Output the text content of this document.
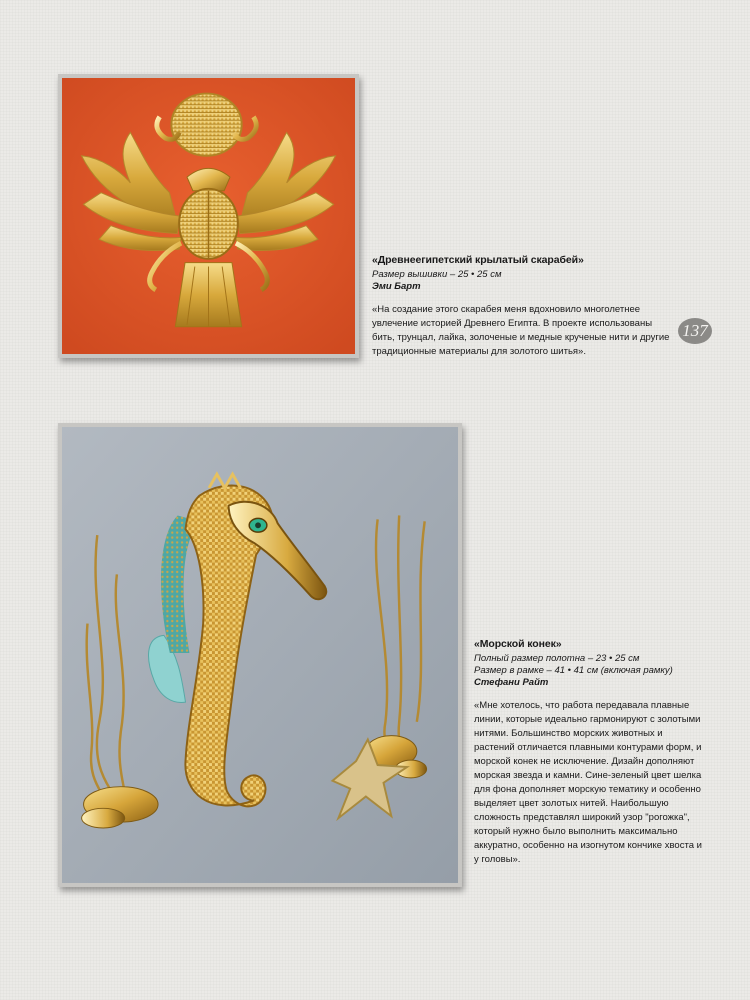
«Древнеегипетский крылатый скарабей»
Размер вышивки – 25 • 25 см
Эми Барт
«На создание этого скарабея меня вдохновило многолетнее увлечение историей Древнего Египта. В проекте использованы бить, трунцал, лайка, золоченые и медные крученые нити и другие традиционные материалы для золотого шитья».
137
«Морской конек»
Полный размер полотна – 23 • 25 см
Размер в рамке – 41 • 41 см (включая рамку)
Стефани Райт
«Мне хотелось, что работа передавала плавные линии, которые идеально гармонируют с золотыми нитями. Большинство морских животных и растений отличается плавными контурами форм, и морской конек не исключение. Дизайн дополняют морская звезда и камни. Сине-зеленый цвет шелка для фона дополняет морскую тематику и особенно выделяет цвет золотых нитей. Наибольшую сложность представлял широкий узор "рогожка", который нужно было выполнить максимально аккуратно, особенно на изогнутом кончике хвоста и у головы».
